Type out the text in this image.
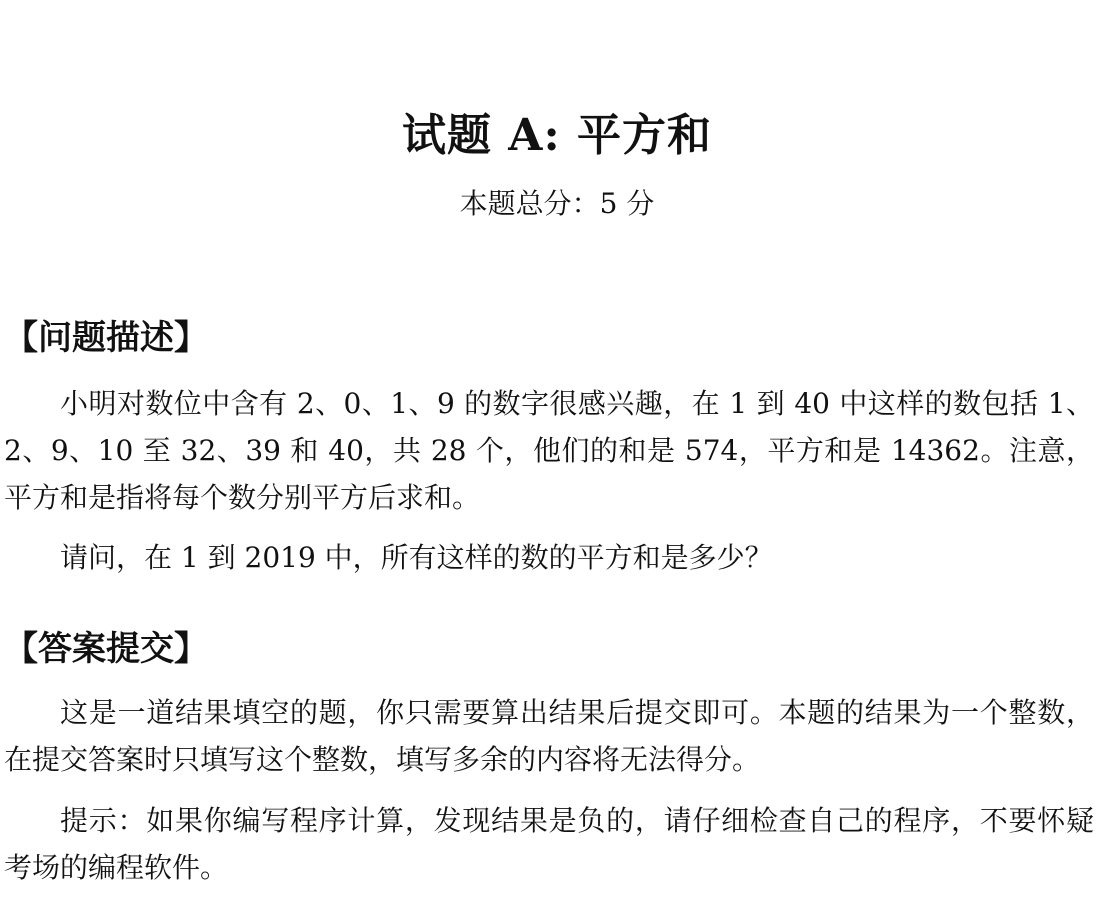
试题 A: 平方和
本题总分：5 分
【问题描述】

小明对数位中含有 2、0、1、9 的数字很感兴趣，在 1 到 40 中这样的数包括 1、2、9、10 至 32、39 和 40，共 28 个，他们的和是 574，平方和是 14362。注意，平方和是指将每个数分别平方后求和。

请问，在 1 到 2019 中，所有这样的数的平方和是多少？

【答案提交】

这是一道结果填空的题，你只需要算出结果后提交即可。本题的结果为一个整数，在提交答案时只填写这个整数，填写多余的内容将无法得分。

提示：如果你编写程序计算，发现结果是负的，请仔细检查自己的程序，不要怀疑考场的编程软件。
